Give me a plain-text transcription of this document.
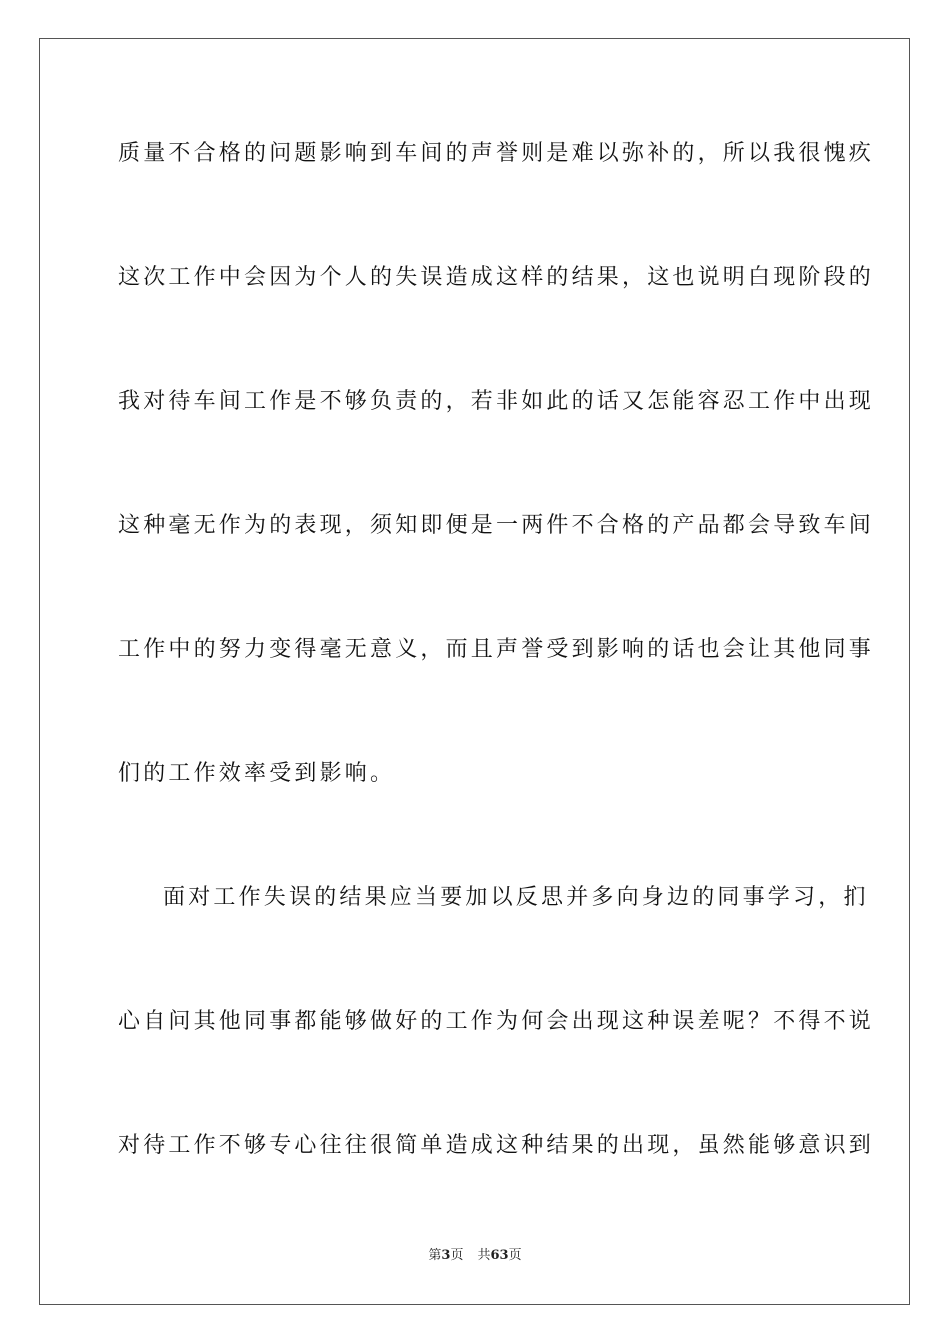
质量不合格的问题影响到车间的声誉则是难以弥补的，所以我很愧疚
这次工作中会因为个人的失误造成这样的结果，这也说明白现阶段的
我对待车间工作是不够负责的，若非如此的话又怎能容忍工作中出现
这种毫无作为的表现，须知即便是一两件不合格的产品都会导致车间
工作中的努力变得毫无意义，而且声誉受到影响的话也会让其他同事
们的工作效率受到影响。
面对工作失误的结果应当要加以反思并多向身边的同事学习，扪
心自问其他同事都能够做好的工作为何会出现这种误差呢？不得不说
对待工作不够专心往往很简单造成这种结果的出现，虽然能够意识到
第3页 共63页
